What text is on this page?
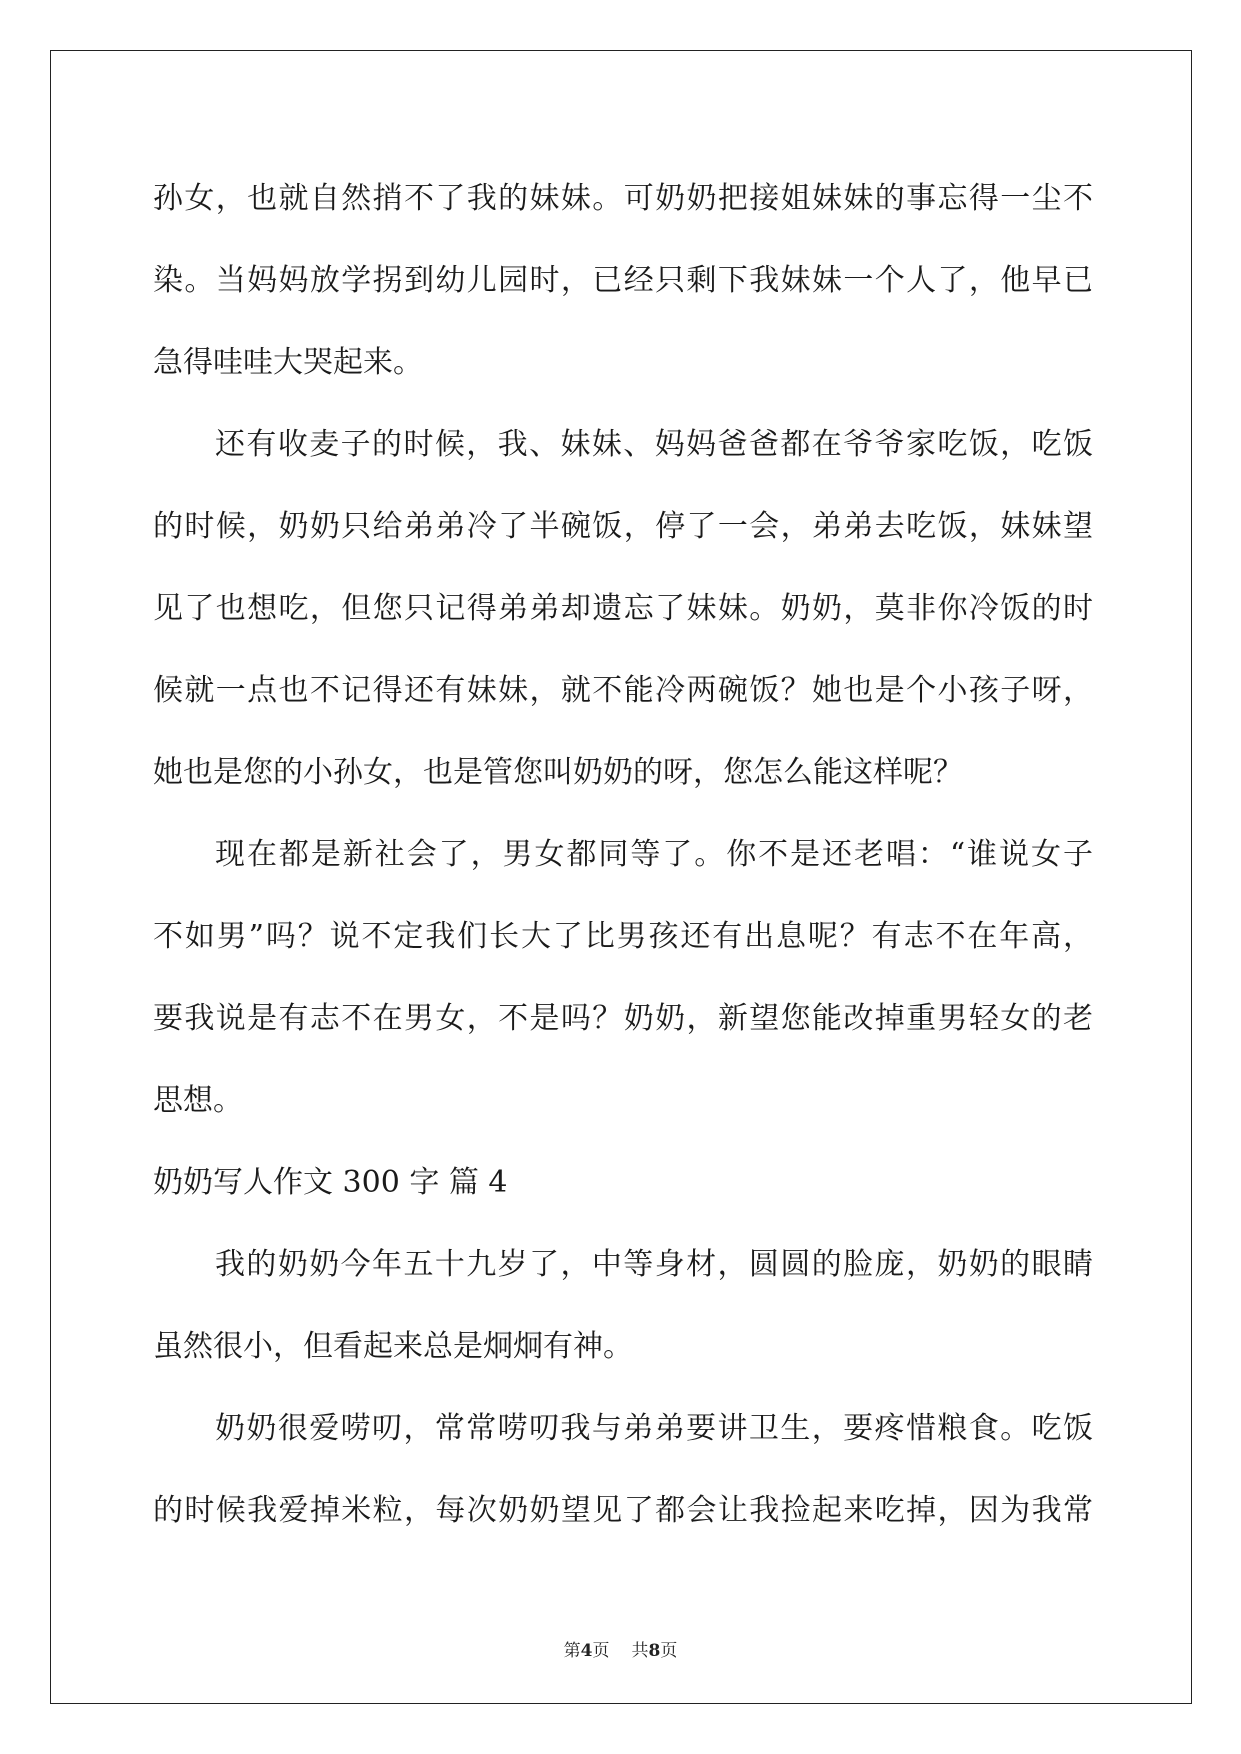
孙女，也就自然捎不了我的妹妹。可奶奶把接姐妹妹的事忘得一尘不
染。当妈妈放学拐到幼儿园时，已经只剩下我妹妹一个人了，他早已
急得哇哇大哭起来。
还有收麦子的时候，我、妹妹、妈妈爸爸都在爷爷家吃饭，吃饭
的时候，奶奶只给弟弟冷了半碗饭，停了一会，弟弟去吃饭，妹妹望
见了也想吃，但您只记得弟弟却遗忘了妹妹。奶奶，莫非你冷饭的时
候就一点也不记得还有妹妹，就不能冷两碗饭？她也是个小孩子呀，
她也是您的小孙女，也是管您叫奶奶的呀，您怎么能这样呢？
现在都是新社会了，男女都同等了。你不是还老唱：“谁说女子
不如男”吗？说不定我们长大了比男孩还有出息呢？有志不在年高，
要我说是有志不在男女，不是吗？奶奶，新望您能改掉重男轻女的老
思想。
奶奶写人作文 300 字 篇 4
我的奶奶今年五十九岁了，中等身材，圆圆的脸庞，奶奶的眼睛
虽然很小，但看起来总是炯炯有神。
奶奶很爱唠叨，常常唠叨我与弟弟要讲卫生，要疼惜粮食。吃饭
的时候我爱掉米粒，每次奶奶望见了都会让我捡起来吃掉，因为我常
第4页 共8页
